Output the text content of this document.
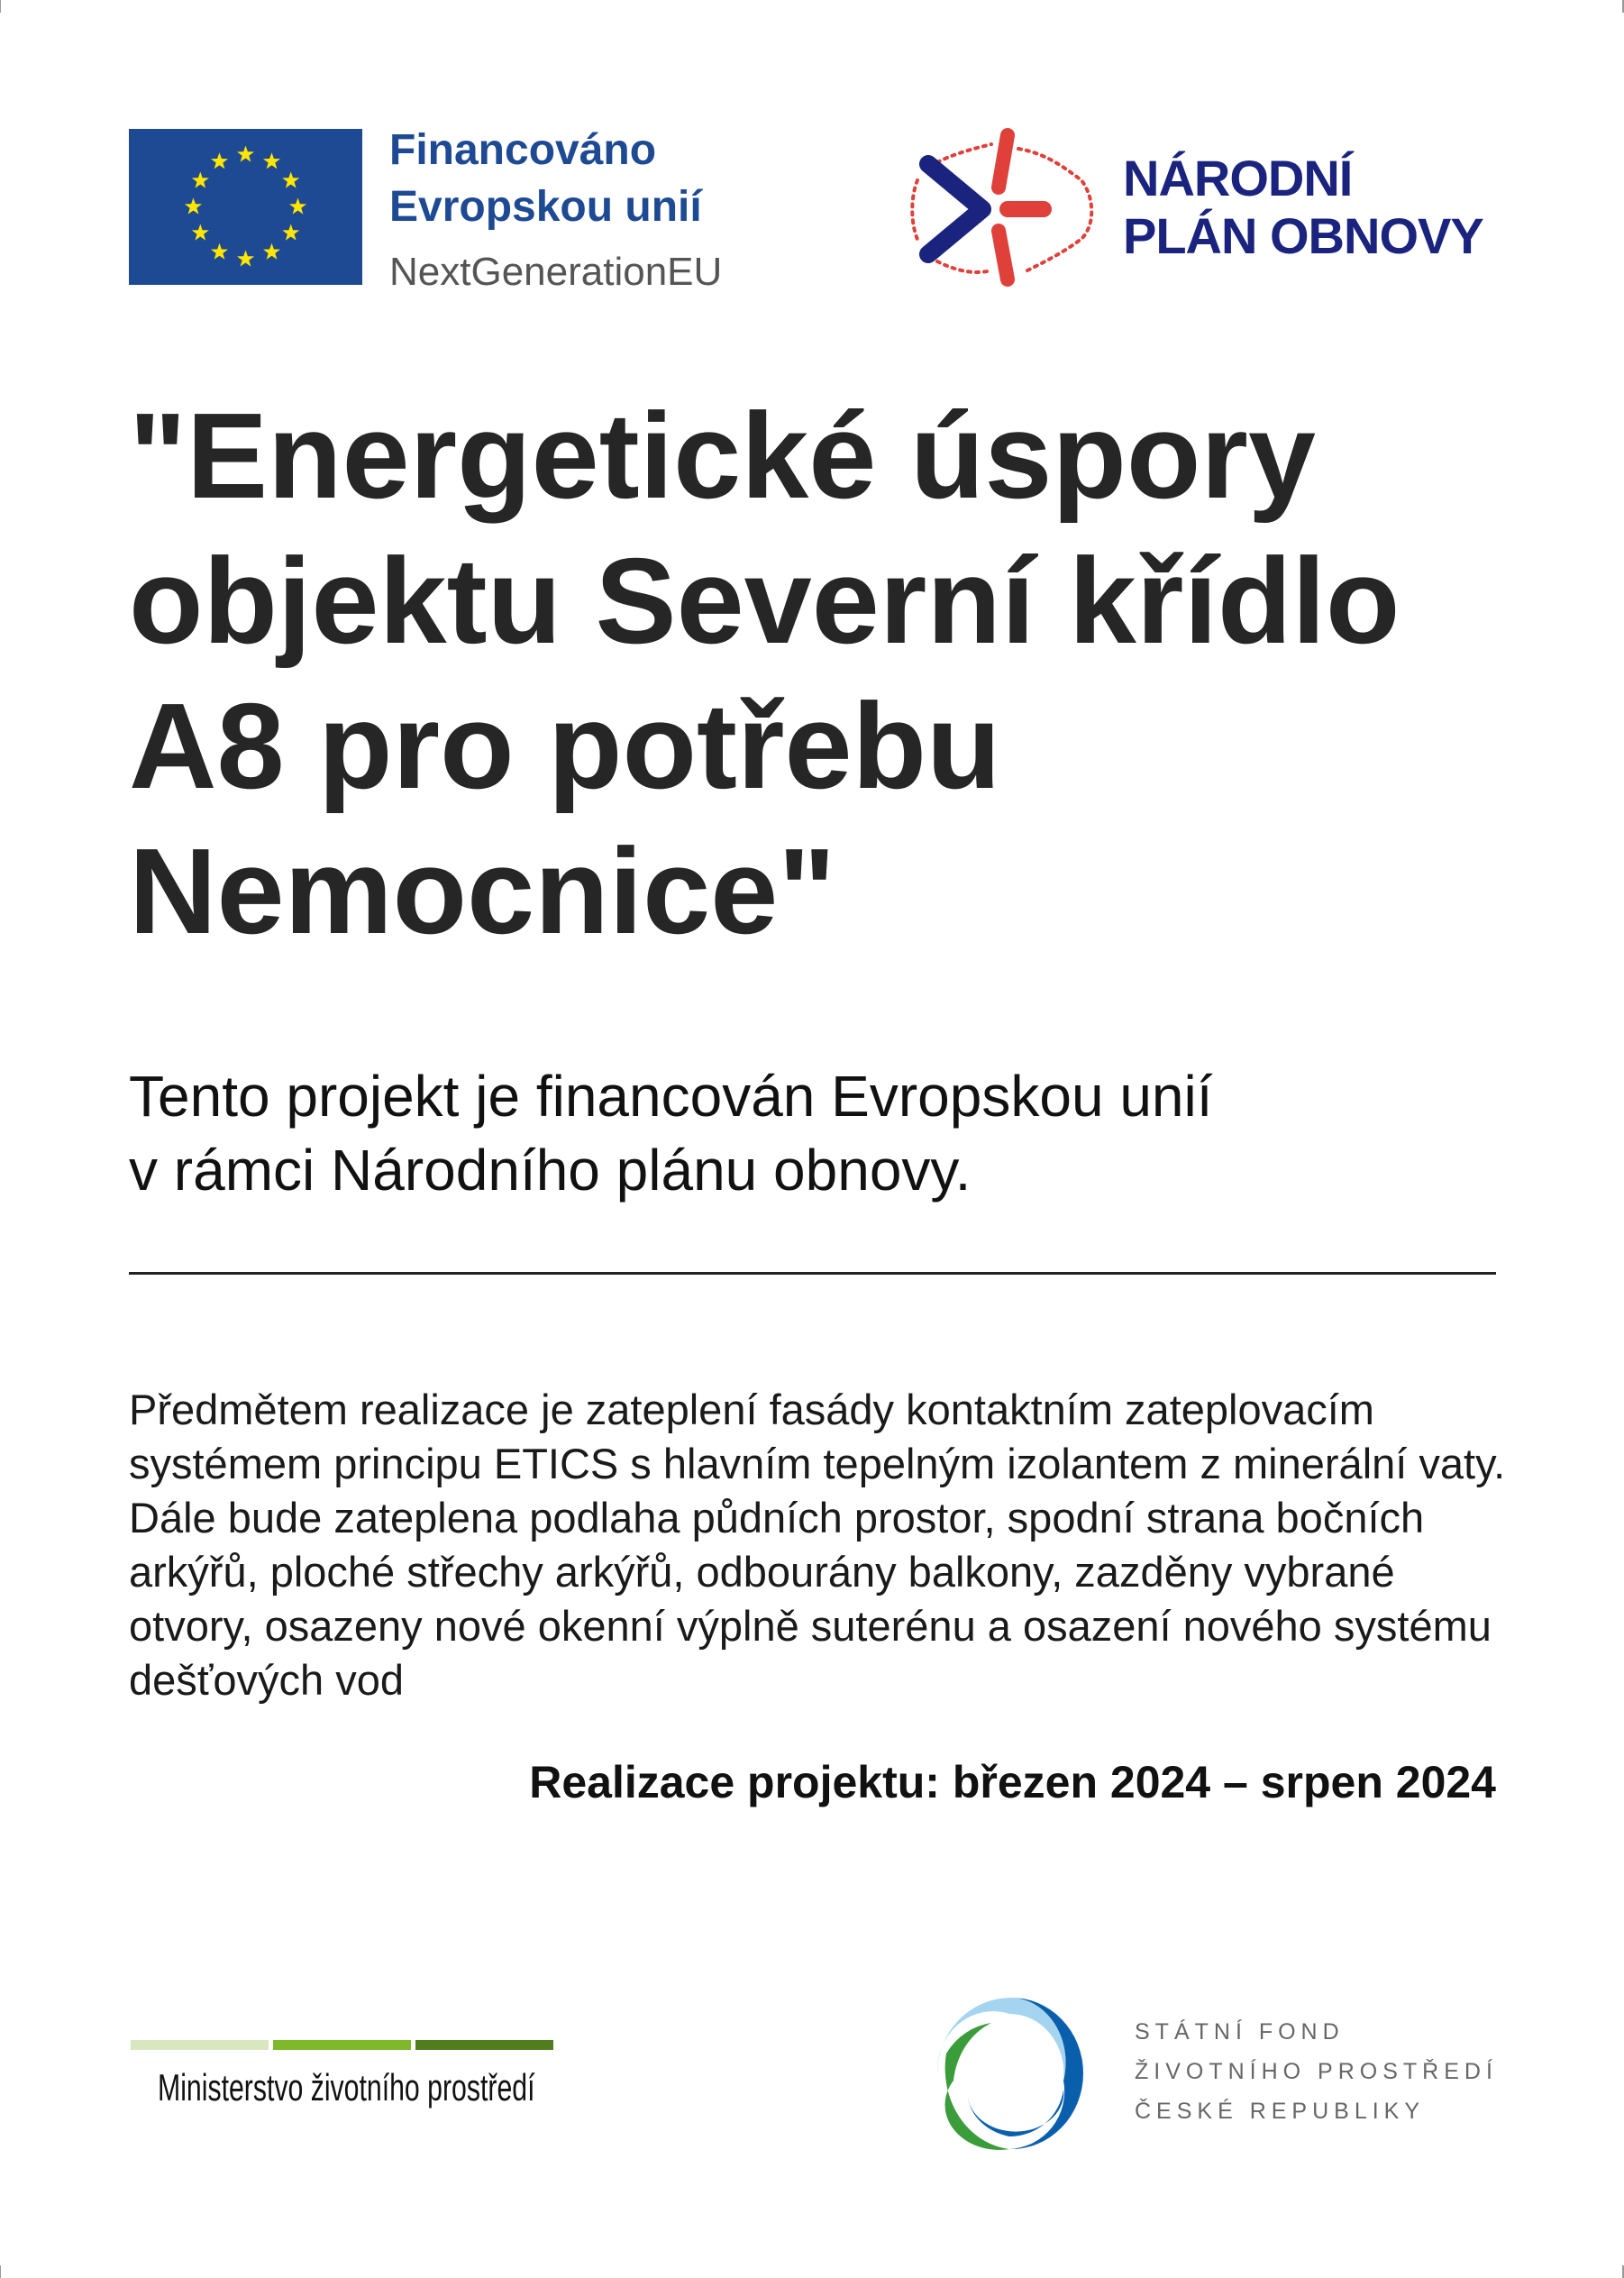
Financováno
Evropskou unií
NextGenerationEU
NÁRODNÍ
PLÁN OBNOVY
"Energetické úspory objektu Severní křídlo A8 pro potřebu Nemocnice"
Tento projekt je financován Evropskou unií
v rámci Národního plánu obnovy.
Předmětem realizace je zateplení fasády kontaktním zateplovacím systémem principu ETICS s hlavním tepelným izolantem z minerální vaty. Dále bude zateplena podlaha půdních prostor, spodní strana bočních arkýřů, ploché střechy arkýřů, odbourány balkony, zazděny vybrané otvory, osazeny nové okenní výplně suterénu a osazení nového systému dešťových vod
Realizace projektu: březen 2024 – srpen 2024
Ministerstvo životního prostředí
STÁTNÍ FOND
ŽIVOTNÍHO PROSTŘEDÍ
ČESKÉ REPUBLIKY
